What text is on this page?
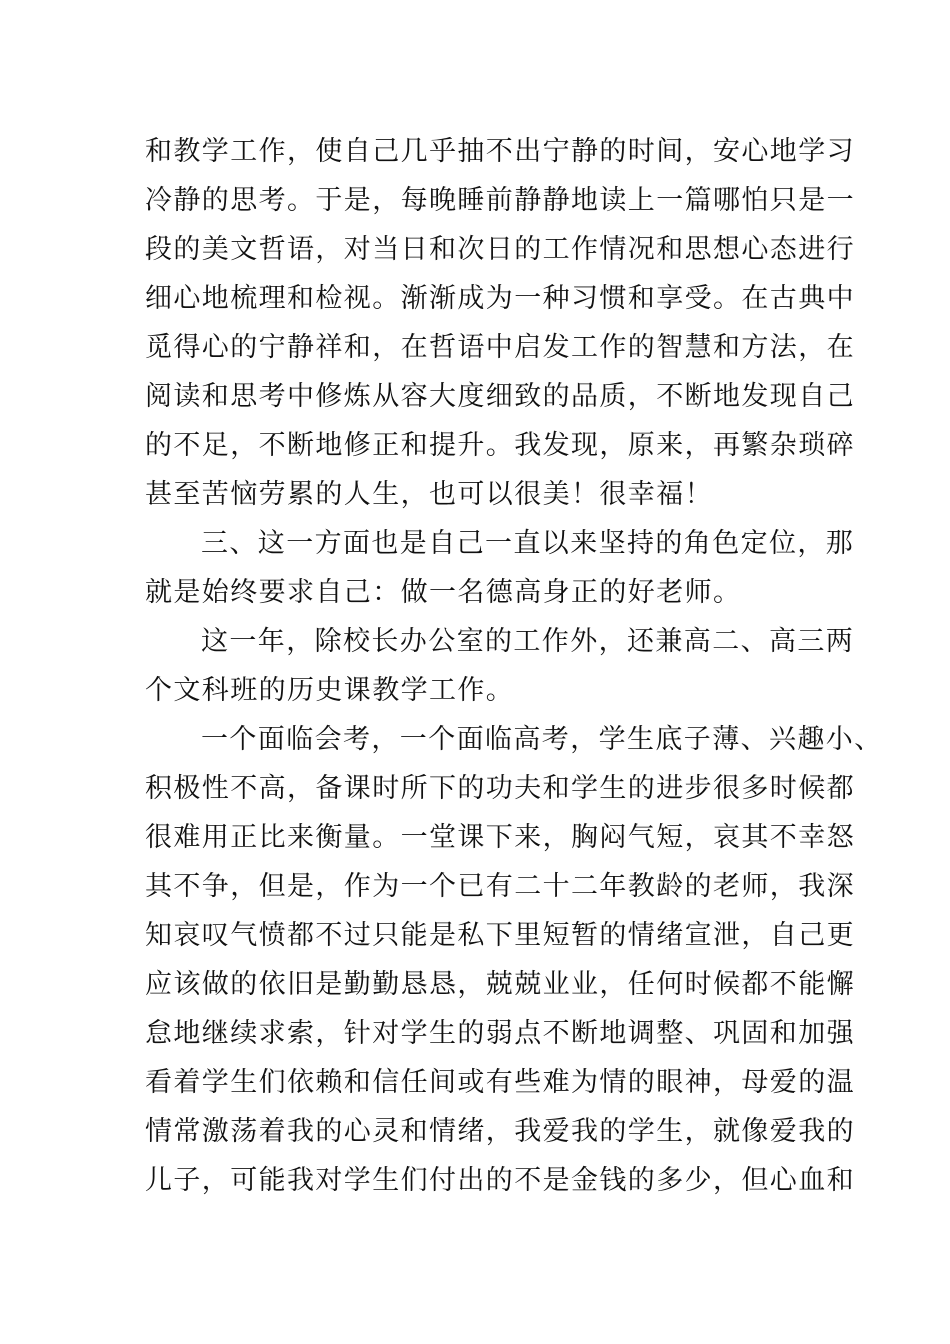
和教学工作，使自己几乎抽不出宁静的时间，安心地学习
冷静的思考。于是，每晚睡前静静地读上一篇哪怕只是一
段的美文哲语，对当日和次日的工作情况和思想心态进行
细心地梳理和检视。渐渐成为一种习惯和享受。在古典中
觅得心的宁静祥和，在哲语中启发工作的智慧和方法，在
阅读和思考中修炼从容大度细致的品质，不断地发现自己
的不足，不断地修正和提升。我发现，原来，再繁杂琐碎
甚至苦恼劳累的人生，也可以很美！很幸福！
三、这一方面也是自己一直以来坚持的角色定位，那
就是始终要求自己：做一名德高身正的好老师。
这一年，除校长办公室的工作外，还兼高二、高三两
个文科班的历史课教学工作。
一个面临会考，一个面临高考，学生底子薄、兴趣小、
积极性不高，备课时所下的功夫和学生的进步很多时候都
很难用正比来衡量。一堂课下来，胸闷气短，哀其不幸怒
其不争，但是，作为一个已有二十二年教龄的老师，我深
知哀叹气愤都不过只能是私下里短暂的情绪宣泄，自己更
应该做的依旧是勤勤恳恳，兢兢业业，任何时候都不能懈
怠地继续求索，针对学生的弱点不断地调整、巩固和加强
看着学生们依赖和信任间或有些难为情的眼神，母爱的温
情常激荡着我的心灵和情绪，我爱我的学生，就像爱我的
儿子，可能我对学生们付出的不是金钱的多少，但心血和
